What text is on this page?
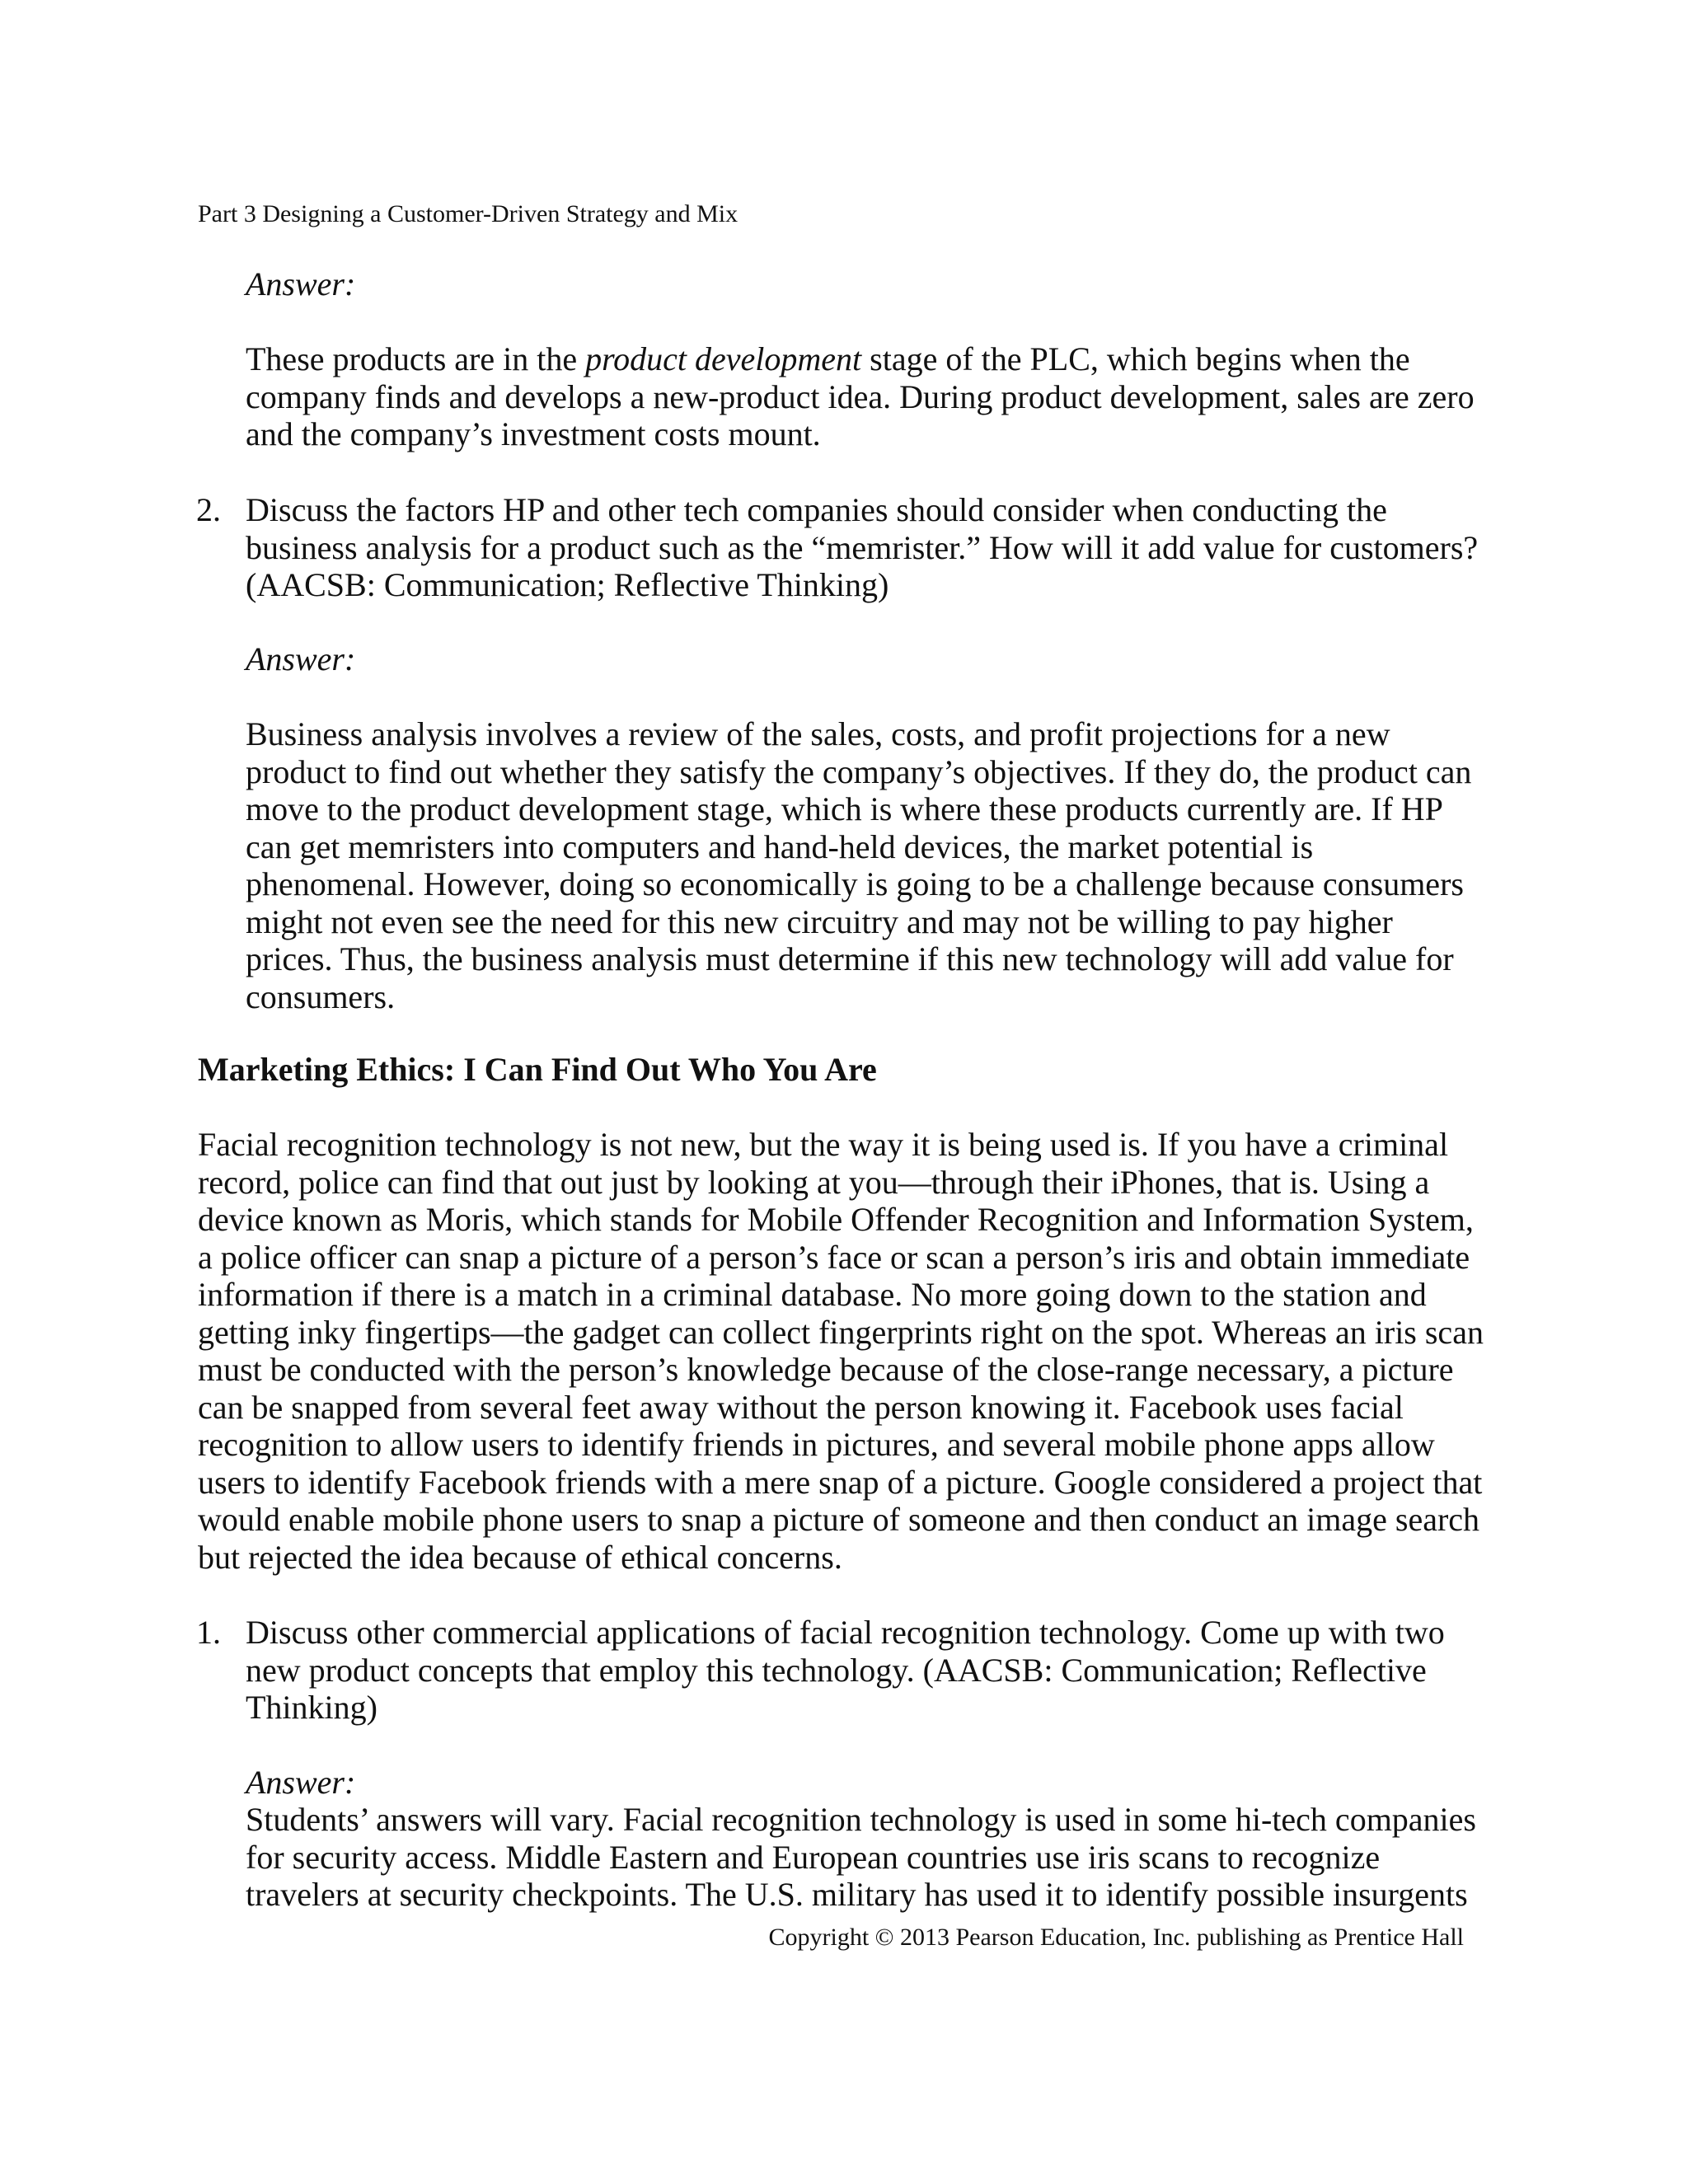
Part 3 Designing a Customer-Driven Strategy and Mix
Answer:

These products are in the product development stage of the PLC, which begins when the company finds and develops a new-product idea. During product development, sales are zero and the company’s investment costs mount.

2. Discuss the factors HP and other tech companies should consider when conducting the business analysis for a product such as the “memrister.” How will it add value for customers? (AACSB: Communication; Reflective Thinking)

Answer:

Business analysis involves a review of the sales, costs, and profit projections for a new product to find out whether they satisfy the company’s objectives. If they do, the product can move to the product development stage, which is where these products currently are. If HP can get memristers into computers and hand-held devices, the market potential is phenomenal. However, doing so economically is going to be a challenge because consumers might not even see the need for this new circuitry and may not be willing to pay higher prices. Thus, the business analysis must determine if this new technology will add value for consumers.

Marketing Ethics: I Can Find Out Who You Are

Facial recognition technology is not new, but the way it is being used is. If you have a criminal record, police can find that out just by looking at you—through their iPhones, that is. Using a device known as Moris, which stands for Mobile Offender Recognition and Information System, a police officer can snap a picture of a person’s face or scan a person’s iris and obtain immediate information if there is a match in a criminal database. No more going down to the station and getting inky fingertips—the gadget can collect fingerprints right on the spot. Whereas an iris scan must be conducted with the person’s knowledge because of the close-range necessary, a picture can be snapped from several feet away without the person knowing it. Facebook uses facial recognition to allow users to identify friends in pictures, and several mobile phone apps allow users to identify Facebook friends with a mere snap of a picture. Google considered a project that would enable mobile phone users to snap a picture of someone and then conduct an image search but rejected the idea because of ethical concerns.

1. Discuss other commercial applications of facial recognition technology. Come up with two new product concepts that employ this technology. (AACSB: Communication; Reflective Thinking)

Answer:

Students’ answers will vary. Facial recognition technology is used in some hi-tech companies for security access. Middle Eastern and European countries use iris scans to recognize travelers at security checkpoints. The U.S. military has used it to identify possible insurgents

Copyright © 2013 Pearson Education, Inc. publishing as Prentice Hall
